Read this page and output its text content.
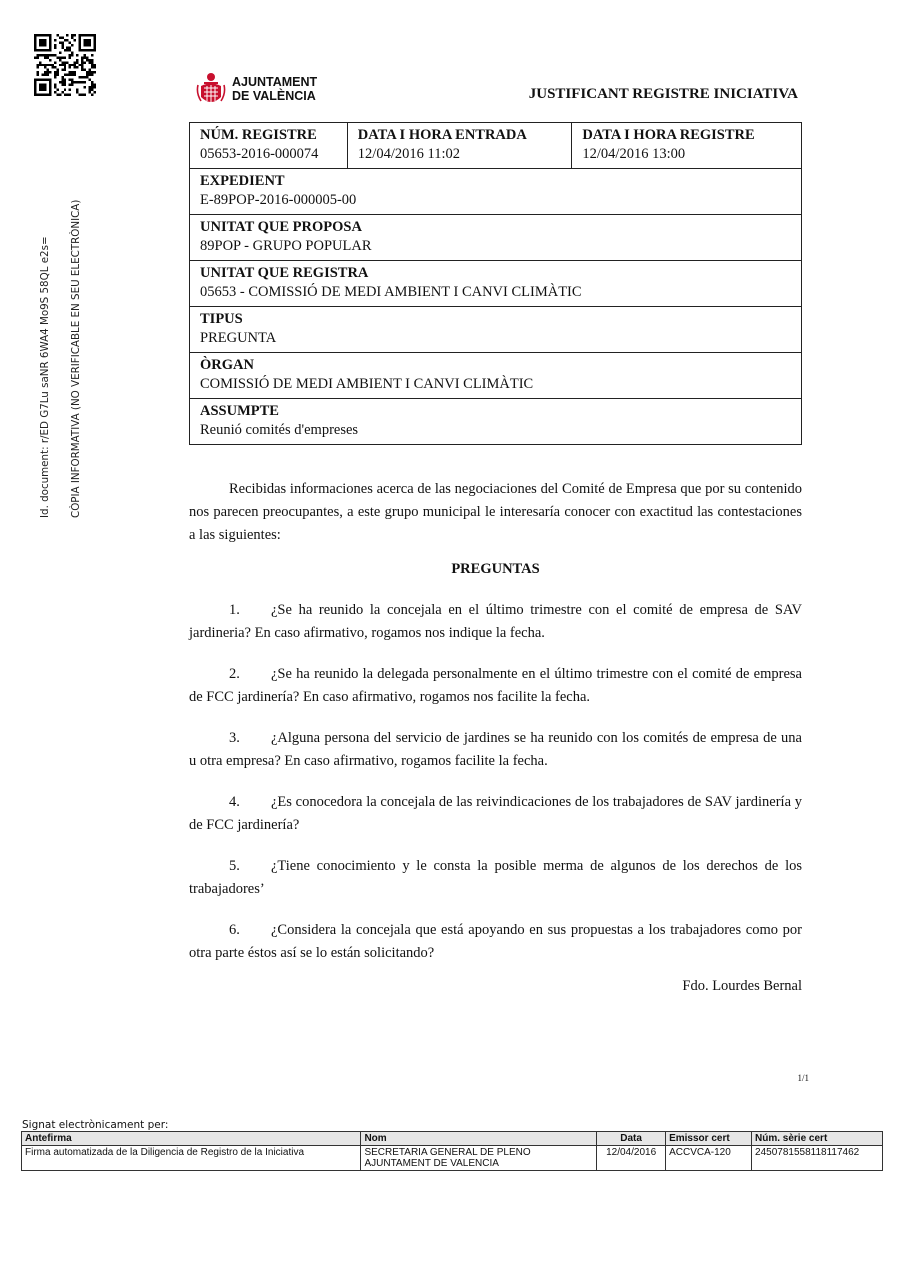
AJUNTAMENT
DE VALÈNCIA	JUSTIFICANT REGISTRE INICIATIVA
Id. document: r/ED G7Lu saNR 6WA4 Mo9S 58QL e2s=	CÒPIA INFORMATIVA (NO VERIFICABLE EN SEU ELECTRÒNICA)
NÚM. REGISTRE
05653-2016-000074

DATA I HORA ENTRADA
12/04/2016 11:02

DATA I HORA REGISTRE
12/04/2016 13:00

EXPEDIENT
E-89POP-2016-000005-00

UNITAT QUE PROPOSA
89POP - GRUPO POPULAR

UNITAT QUE REGISTRA
05653 - COMISSIÓ DE MEDI AMBIENT I CANVI CLIMÀTIC

TIPUS
PREGUNTA

ÒRGAN
COMISSIÓ DE MEDI AMBIENT I CANVI CLIMÀTIC

ASSUMPTE
Reunió comités d'empreses

Recibidas informaciones acerca de las negociaciones del Comité de Empresa que por su contenido nos parecen preocupantes, a este grupo municipal le interesaría conocer con exactitud las contestaciones a las siguientes:

PREGUNTAS

1. ¿Se ha reunido la concejala en el último trimestre con el comité de empresa de SAV jardineria? En caso afirmativo, rogamos nos indique la fecha.

2. ¿Se ha reunido la delegada personalmente en el último trimestre con el comité de empresa de FCC jardinería? En caso afirmativo, rogamos nos facilite la fecha.

3. ¿Alguna persona del servicio de jardines se ha reunido con los comités de empresa de una u otra empresa? En caso afirmativo, rogamos facilite la fecha.

4. ¿Es conocedora la concejala de las reivindicaciones de los trabajadores de SAV jardinería y de FCC jardinería?

5. ¿Tiene conocimiento y le consta la posible merma de algunos de los derechos de los trabajadores’

6. ¿Considera la concejala que está apoyando en sus propuestas a los trabajadores como por otra parte éstos así se lo están solicitando?

Fdo. Lourdes Bernal

1/1
Signat electrònicament per:
Antefirma	Nom	Data	Emissor cert	Núm. sèrie cert
Firma automatizada de la Diligencia de Registro de la Iniciativa	SECRETARIA GENERAL DE PLENO
AJUNTAMENT DE VALENCIA	12/04/2016	ACCVCA-120	2450781558118117462
